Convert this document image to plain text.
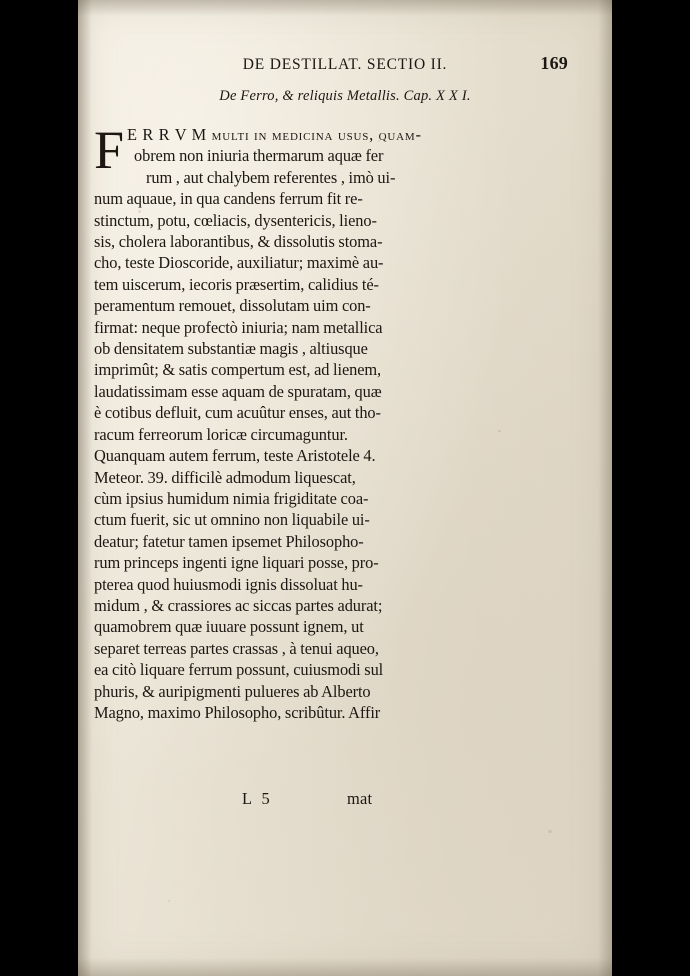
DE DESTILLAT. SECTIO II.	169
De Ferro, & reliquis Metallis. Cap. X X I.
F E R R V M multi in medicina usus, quam-
obrem non iniuria thermarum aquæ fer
rum , aut chalybem referentes , imò ui-
num aquaue, in qua candens ferrum fit re-
stinctum, potu, cœliacis, dysentericis, lieno-
sis, cholera laborantibus, & dissolutis stoma-
cho, teste Dioscoride, auxiliatur; maximè au-
tem uiscerum, iecoris præsertim, calidius té-
peramentum remouet, dissolutam uim con-
firmat: neque profectò iniuria; nam metallica
ob densitatem substantiæ magis , altiusque
imprimût; & satis compertum est, ad lienem,
laudatissimam esse aquam de spuratam, quæ
è cotibus defluit, cum acuûtur enses, aut tho-
racum ferreorum loricæ circumaguntur.
Quanquam autem ferrum, teste Aristotele 4.
Meteor. 39. difficilè admodum liquescat,
cùm ipsius humidum nimia frigiditate coa-
ctum fuerit, sic ut omnino non liquabile ui-
deatur; fatetur tamen ipsemet Philosopho-
rum princeps ingenti igne liquari posse, pro-
pterea quod huiusmodi ignis dissoluat hu-
midum , & crassiores ac siccas partes adurat;
quamobrem quæ iuuare possunt ignem, ut
separet terreas partes crassas , à tenui aqueo,
ea citò liquare ferrum possunt, cuiusmodi sul
phuris, & auripigmenti pulueres ab Alberto
Magno, maximo Philosopho, scribûtur. Affir
L 5	mat
